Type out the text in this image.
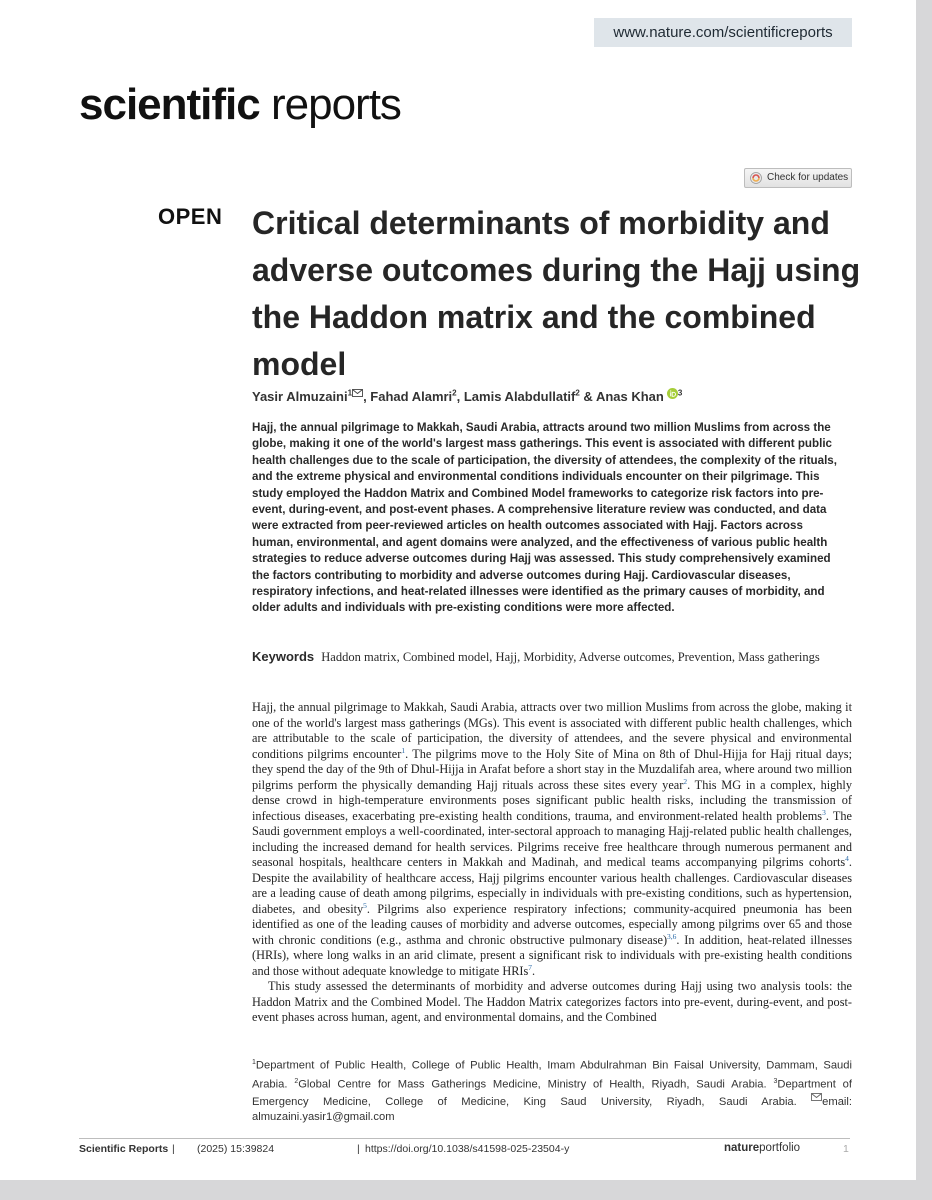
www.nature.com/scientificreports
scientific reports
Check for updates
OPEN Critical determinants of morbidity and adverse outcomes during the Hajj using the Haddon matrix and the combined model
Yasir Almuzaini$^1$ , Fahad Alamri$^2$, Lamis Alabdullatif$^2$ & Anas Khan $^3$

Hajj, the annual pilgrimage to Makkah, Saudi Arabia, attracts around two million Muslims from across the globe, making it one of the world's largest mass gatherings. This event is associated with different public health challenges due to the scale of participation, the diversity of attendees, the complexity of the rituals, and the extreme physical and environmental conditions individuals encounter on their pilgrimage. This study employed the Haddon Matrix and Combined Model frameworks to categorize risk factors into pre-event, during-event, and post-event phases. A comprehensive literature review was conducted, and data were extracted from peer-reviewed articles on health outcomes associated with Hajj. Factors across human, environmental, and agent domains were analyzed, and the effectiveness of various public health strategies to reduce adverse outcomes during Hajj was assessed. This study comprehensively examined the factors contributing to morbidity and adverse outcomes during Hajj. Cardiovascular diseases, respiratory infections, and heat-related illnesses were identified as the primary causes of morbidity, and older adults and individuals with pre-existing conditions were more affected.

Keywords Haddon matrix, Combined model, Hajj, Morbidity, Adverse outcomes, Prevention, Mass gatherings

Hajj, the annual pilgrimage to Makkah, Saudi Arabia, attracts over two million Muslims from across the globe, making it one of the world's largest mass gatherings (MGs). This event is associated with different public health challenges, which are attributable to the scale of participation, the diversity of attendees, and the severe physical and environmental conditions pilgrims encounter$^1$. The pilgrims move to the Holy Site of Mina on 8th of Dhul-Hijja for Hajj ritual days; they spend the day of the 9th of Dhul-Hijja in Arafat before a short stay in the Muzdalifah area, where around two million pilgrims perform the physically demanding Hajj rituals across these sites every year$^2$. This MG in a complex, highly dense crowd in high-temperature environments poses significant public health risks, including the transmission of infectious diseases, exacerbating pre-existing health conditions, trauma, and environment-related health problems$^3$. The Saudi government employs a well-coordinated, inter-sectoral approach to managing Hajj-related public health challenges, including the increased demand for health services. Pilgrims receive free healthcare through numerous permanent and seasonal hospitals, healthcare centers in Makkah and Madinah, and medical teams accompanying pilgrims cohorts$^4$. Despite the availability of healthcare access, Hajj pilgrims encounter various health challenges. Cardiovascular diseases are a leading cause of death among pilgrims, especially in individuals with pre-existing conditions, such as hypertension, diabetes, and obesity$^5$. Pilgrims also experience respiratory infections; community-acquired pneumonia has been identified as one of the leading causes of morbidity and adverse outcomes, especially among pilgrims over 65 and those with chronic conditions (e.g., asthma and chronic obstructive pulmonary disease)$^{3,6}$. In addition, heat-related illnesses (HRIs), where long walks in an arid climate, present a significant risk to individuals with pre-existing health conditions and those without adequate knowledge to mitigate HRIs$^7$.

This study assessed the determinants of morbidity and adverse outcomes during Hajj using two analysis tools: the Haddon Matrix and the Combined Model. The Haddon Matrix categorizes factors into pre-event, during-event, and post-event phases across human, agent, and environmental domains, and the Combined

$^1$Department of Public Health, College of Public Health, Imam Abdulrahman Bin Faisal University, Dammam, Saudi Arabia. $^2$Global Centre for Mass Gatherings Medicine, Ministry of Health, Riyadh, Saudi Arabia. $^3$Department of Emergency Medicine, College of Medicine, King Saud University, Riyadh, Saudi Arabia. email: almuzaini.yasir1@gmail.com
Scientific Reports | (2025) 15:39824	| https://doi.org/10.1038/s41598-025-23504-y	natureportfolio	1
